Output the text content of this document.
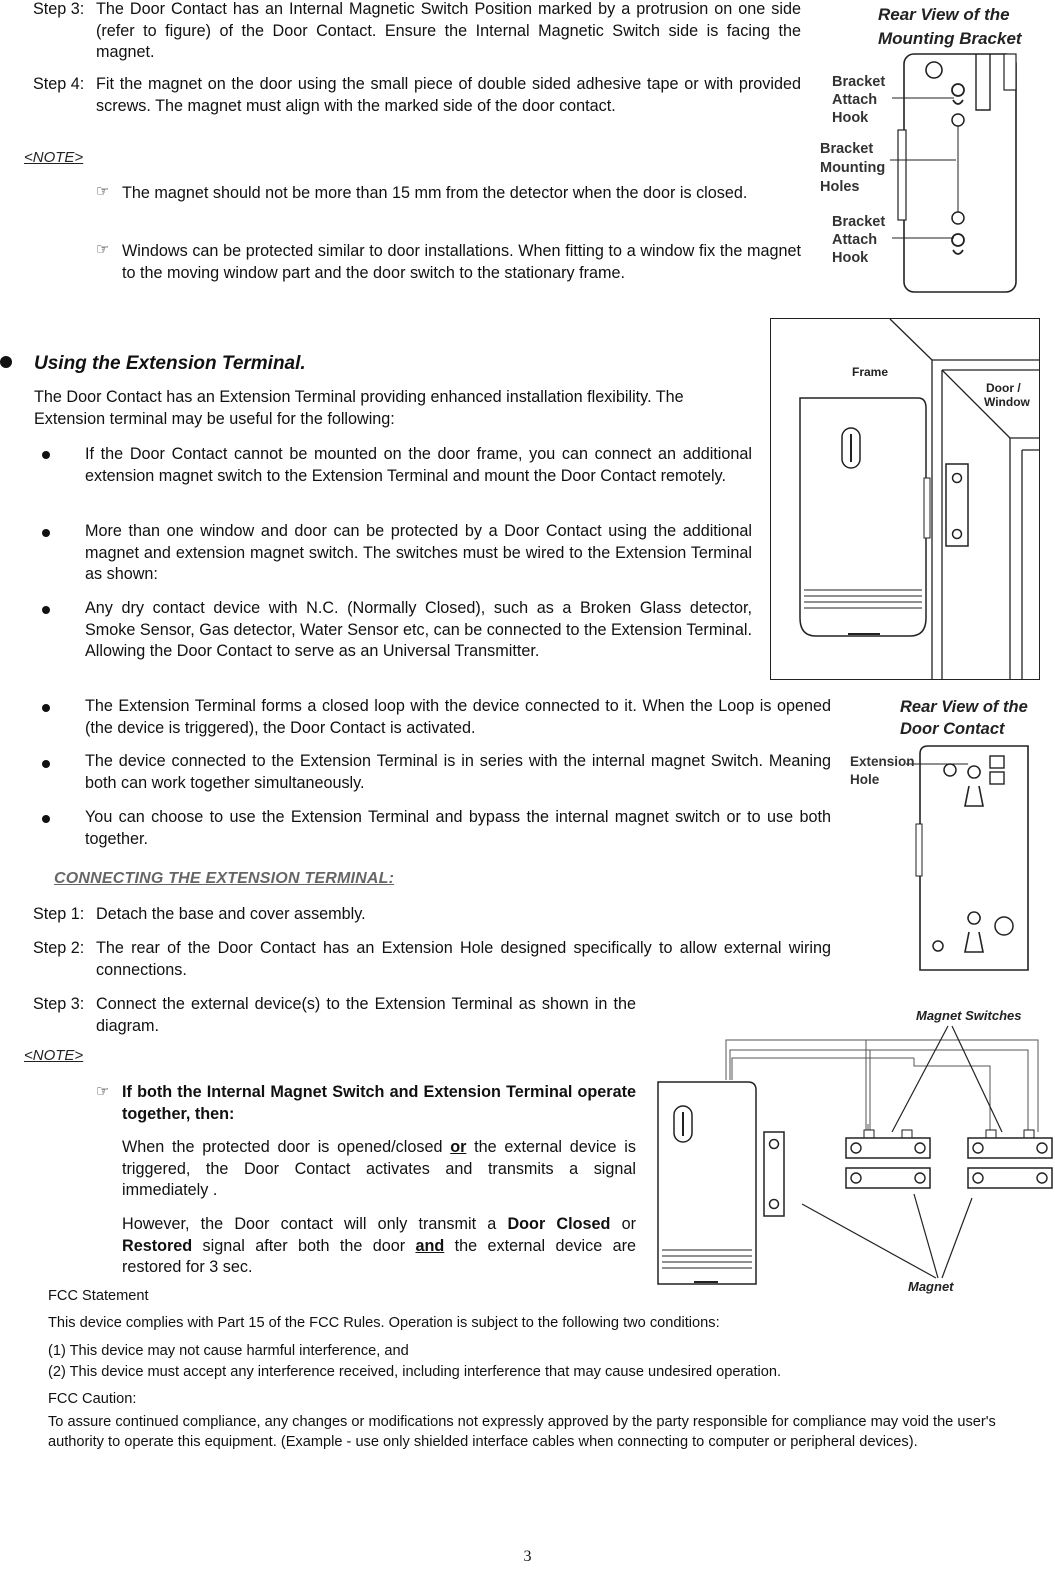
Step 3: The Door Contact has an Internal Magnetic Switch Position marked by a protrusion on one side (refer to figure) of the Door Contact. Ensure the Internal Magnetic Switch side is facing the magnet.
Step 4: Fit the magnet on the door using the small piece of double sided adhesive tape or with provided screws. The magnet must align with the marked side of the door contact.
<NOTE>
☞ The magnet should not be more than 15 mm from the detector when the door is closed.
☞ Windows can be protected similar to door installations. When fitting to a window fix the magnet to the moving window part and the door switch to the stationary frame.
Rear View of the
Mounting Bracket
Bracket
Attach
Hook
Bracket
Mounting
Holes
Bracket
Attach
Hook
Using the Extension Terminal.
The Door Contact has an Extension Terminal providing enhanced installation flexibility. The Extension terminal may be useful for the following:
If the Door Contact cannot be mounted on the door frame, you can connect an additional extension magnet switch to the Extension Terminal and mount the Door Contact remotely.
More than one window and door can be protected by a Door Contact using the additional magnet and extension magnet switch. The switches must be wired to the Extension Terminal as shown:
Any dry contact device with N.C. (Normally Closed), such as a Broken Glass detector, Smoke Sensor, Gas detector, Water Sensor etc, can be connected to the Extension Terminal. Allowing the Door Contact to serve as an Universal Transmitter.
The Extension Terminal forms a closed loop with the device connected to it. When the Loop is opened (the device is triggered), the Door Contact is activated.
The device connected to the Extension Terminal is in series with the internal magnet Switch. Meaning both can work together simultaneously.
You can choose to use the Extension Terminal and bypass the internal magnet switch or to use both together.
Frame
Door /
Window
Rear View of the
Door Contact
Extension
Hole
CONNECTING THE EXTENSION TERMINAL:
Step 1: Detach the base and cover assembly.
Step 2: The rear of the Door Contact has an Extension Hole designed specifically to allow external wiring connections.
Step 3: Connect the external device(s) to the Extension Terminal as shown in the diagram.
<NOTE>
☞ If both the Internal Magnet Switch and Extension Terminal operate together, then:
When the protected door is opened/closed or the external device is triggered, the Door Contact activates and transmits a signal immediately .
However, the Door contact will only transmit a Door Closed or Restored signal after both the door and the external device are restored for 3 sec.
Magnet Switches
Magnet
FCC Statement
This device complies with Part 15 of the FCC Rules. Operation is subject to the following two conditions:
(1) This device may not cause harmful interference, and
(2) This device must accept any interference received, including interference that may cause undesired operation.
FCC Caution:
To assure continued compliance, any changes or modifications not expressly approved by the party responsible for compliance may void the user's authority to operate this equipment. (Example - use only shielded interface cables when connecting to computer or peripheral devices).
3
